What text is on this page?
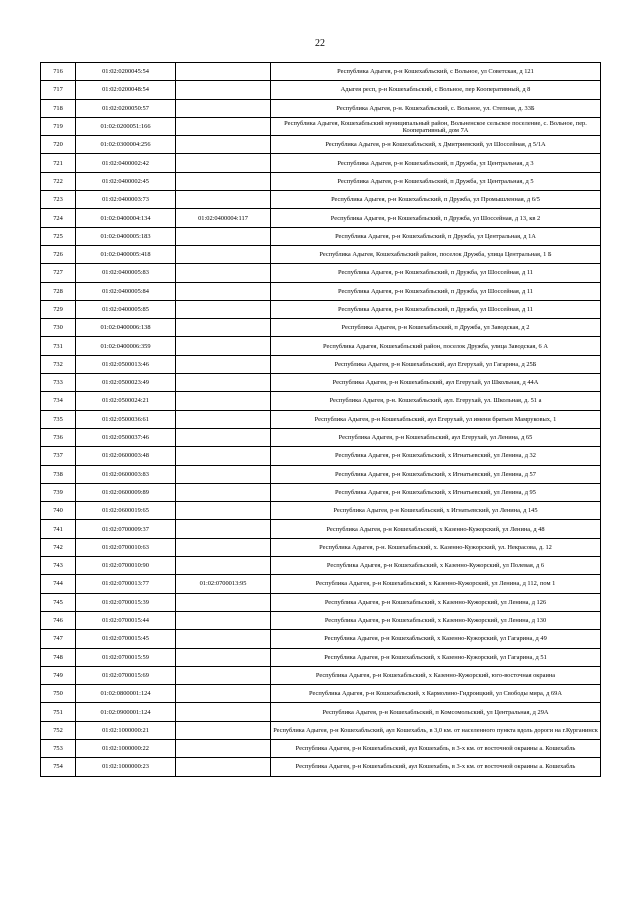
22
716	01:02:0200045:54		Республика Адыгея, р-н Кошехабльский, с Вольное, ул Советская, д 121
717	01:02:0200048:54		Адыгея респ, р-н Кошехабльский, с Вольное, пер Кооперативный, д 8
718	01:02:0200050:57		Республика Адыгея, р-н. Кошехабльский, с. Вольное, ул. Степная, д. 33Б
719	01:02:0200051:166		Республика Адыгея, Кошехабльский муниципальный район, Вольненское сельское поселение, с. Вольное, пер. Кооперативный, дом 7А
720	01:02:0300004:256		Республика Адыгея, р-н Кошехабльский, х Дмитриевский, ул Шоссейная, д 5/1А
721	01:02:0400002:42		Республика Адыгея, р-н Кошехабльский, п Дружба, ул Центральная, д 3
722	01:02:0400002:45		Республика Адыгея, р-н Кошехабльский, п Дружба, ул Центральная, д 5
723	01:02:0400003:73		Республика Адыгея, р-н Кошехабльский, п Дружба, ул Промышленная, д 6/5
724	01:02:0400004:134	01:02:0400004:117	Республика Адыгея, р-н Кошехабльский, п Дружба, ул Шоссейная, д 13, кв 2
725	01:02:0400005:183		Республика Адыгея, р-н Кошехабльский, п Дружба, ул Центральная, д 1А
726	01:02:0400005:418		Республика Адыгея, Кошехабльский район, поселок Дружба, улица Центральная, 1 Б
727	01:02:0400005:83		Республика Адыгея, р-н Кошехабльский, п Дружба, ул Шоссейная, д 11
728	01:02:0400005:84		Республика Адыгея, р-н Кошехабльский, п Дружба, ул Шоссейная, д 11
729	01:02:0400005:85		Республика Адыгея, р-н Кошехабльский, п Дружба, ул Шоссейная, д 11
730	01:02:0400006:138		Республика Адыгея, р-н Кошехабльский, п Дружба, ул Заводская, д 2
731	01:02:0400006:359		Республика Адыгея, Кошехабльский район, поселок Дружба, улица Заводская, 6 А
732	01:02:0500013:46		Республика Адыгея, р-н Кошехабльский, аул Егерухай, ул Гагарина, д 25Б
733	01:02:0500023:49		Республика Адыгея, р-н Кошехабльский, аул Егерухай, ул Школьная, д 44А
734	01:02:0500024:21		Республика Адыгея, р-н. Кошехабльский, аул. Егерухай, ул. Школьная, д. 51 а
735	01:02:0500036:61		Республика Адыгея, р-н Кошехабльский, аул Егерухай, ул имени братьев Мамруковых, 1
736	01:02:0500037:46		Республика Адыгея, р-н Кошехабльский, аул Егерухай, ул Ленина, д 65
737	01:02:0600003:48		Республика Адыгея, р-н Кошехабльский, х Игнатьевский, ул Ленина, д 32
738	01:02:0600003:83		Республика Адыгея, р-н Кошехабльский, х Игнатьевский, ул Ленина, д 57
739	01:02:0600009:89		Республика Адыгея, р-н Кошехабльский, х Игнатьевский, ул Ленина, д 95
740	01:02:0600019:65		Республика Адыгея, р-н Кошехабльский, х Игнатьевский, ул Ленина, д 145
741	01:02:0700009:37		Республика Адыгея, р-н Кошехабльский, х Казенно-Кужорский, ул Ленина, д 48
742	01:02:0700010:63		Республика Адыгея, р-н. Кошехабльский, х. Казенно-Кужорский, ул. Некрасова, д. 12
743	01:02:0700010:90		Республика Адыгея, р-н Кошехабльский, х Казенно-Кужорский, ул Полевая, д 6
744	01:02:0700013:77	01:02:0700013:95	Республика Адыгея, р-н Кошехабльский, х Казенно-Кужорский, ул Ленина, д 112, пом 1
745	01:02:0700015:39		Республика Адыгея, р-н Кошехабльский, х Казенно-Кужорский, ул Ленина, д 126
746	01:02:0700015:44		Республика Адыгея, р-н Кошехабльский, х Казенно-Кужорский, ул Ленина, д 130
747	01:02:0700015:45		Республика Адыгея, р-н Кошехабльский, х Казенно-Кужорский, ул Гагарина, д 49
748	01:02:0700015:59		Республика Адыгея, р-н Кошехабльский, х Казенно-Кужорский, ул Гагарина, д 51
749	01:02:0700015:69		Республика Адыгея, р-н Кошехабльский, х Казенно-Кужорский, юго-восточная окраина
750	01:02:0800001:124		Республика Адыгея, р-н Кошехабльский, х Кармолино-Гидроицкий, ул Свободы мира, д 69А
751	01:02:0900001:124		Республика Адыгея, р-н Кошехабльский, п Комсомольский, ул Центральная, д 29А
752	01:02:1000000:21		Республика Адыгея, р-н Кошехабльский, аул Кошехабль, в 3,0 км. от населенного пункта вдоль дороги на г.Курганинск
753	01:02:1000000:22		Республика Адыгея, р-н Кошехабльский, аул Кошехабль, в 3-х км. от восточной окраины а. Кошехабль
754	01:02:1000000:23		Республика Адыгея, р-н Кошехабльский, аул Кошехабль, в 3-х км. от восточной окраины а. Кошехабль
